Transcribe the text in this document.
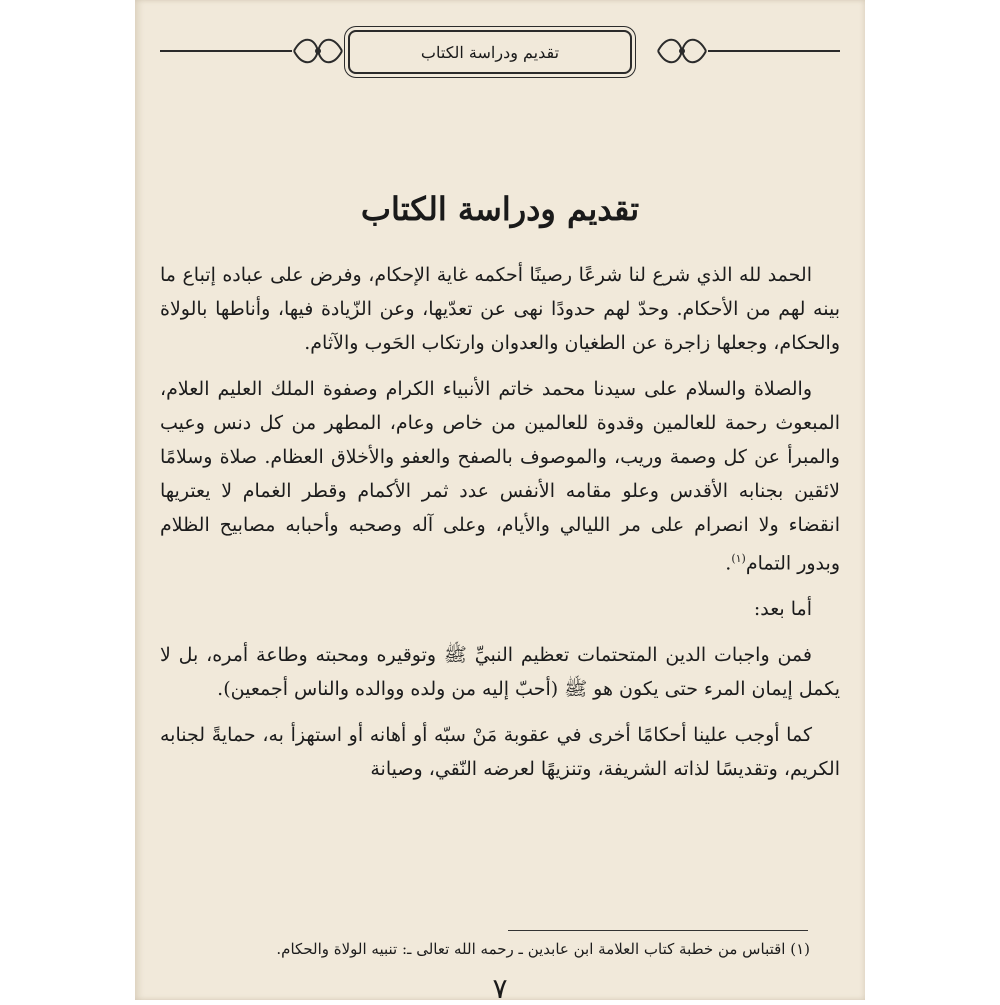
تقديم ودراسة الكتاب
تقديم ودراسة الكتاب

الحمد لله الذي شرع لنا شرعًا رصينًا أحكمه غاية الإحكام، وفرض على عباده إتباع ما بينه لهم من الأحكام. وحدّ لهم حدودًا نهى عن تعدّيها، وعن الزّيادة فيها، وأناطها بالولاة والحكام، وجعلها زاجرة عن الطغيان والعدوان وارتكاب الحَوب والآثام.

والصلاة والسلام على سيدنا محمد خاتم الأنبياء الكرام وصفوة الملك العليم العلام، المبعوث رحمة للعالمين وقدوة للعالمين من خاص وعام، المطهر من كل دنس وعيب والمبرأ عن كل وصمة وريب، والموصوف بالصفح والعفو والأخلاق العظام. صلاة وسلامًا لائقين بجنابه الأقدس وعلو مقامه الأنفس عدد ثمر الأكمام وقطر الغمام لا يعتريها انقضاء ولا انصرام على مر الليالي والأيام، وعلى آله وصحبه وأحبابه مصابيح الظلام وبدور التمام$^{(١)}$.

أما بعد:

فمن واجبات الدين المتحتمات تعظيم النبيِّ ﷺ وتوقيره ومحبته وطاعة أمره، بل لا يكمل إيمان المرء حتى يكون هو ﷺ (أحبّ إليه من ولده ووالده والناس أجمعين).

كما أوجب علينا أحكامًا أخرى في عقوبة مَنْ سبّه أو أهانه أو استهزأ به، حمايةً لجنابه الكريم، وتقديسًا لذاته الشريفة، وتنزيهًا لعرضه النّقي، وصيانة

(١) اقتباس من خطبة كتاب العلامة ابن عابدين ـ رحمه الله تعالى ـ: تنبيه الولاة والحكام.
٧
